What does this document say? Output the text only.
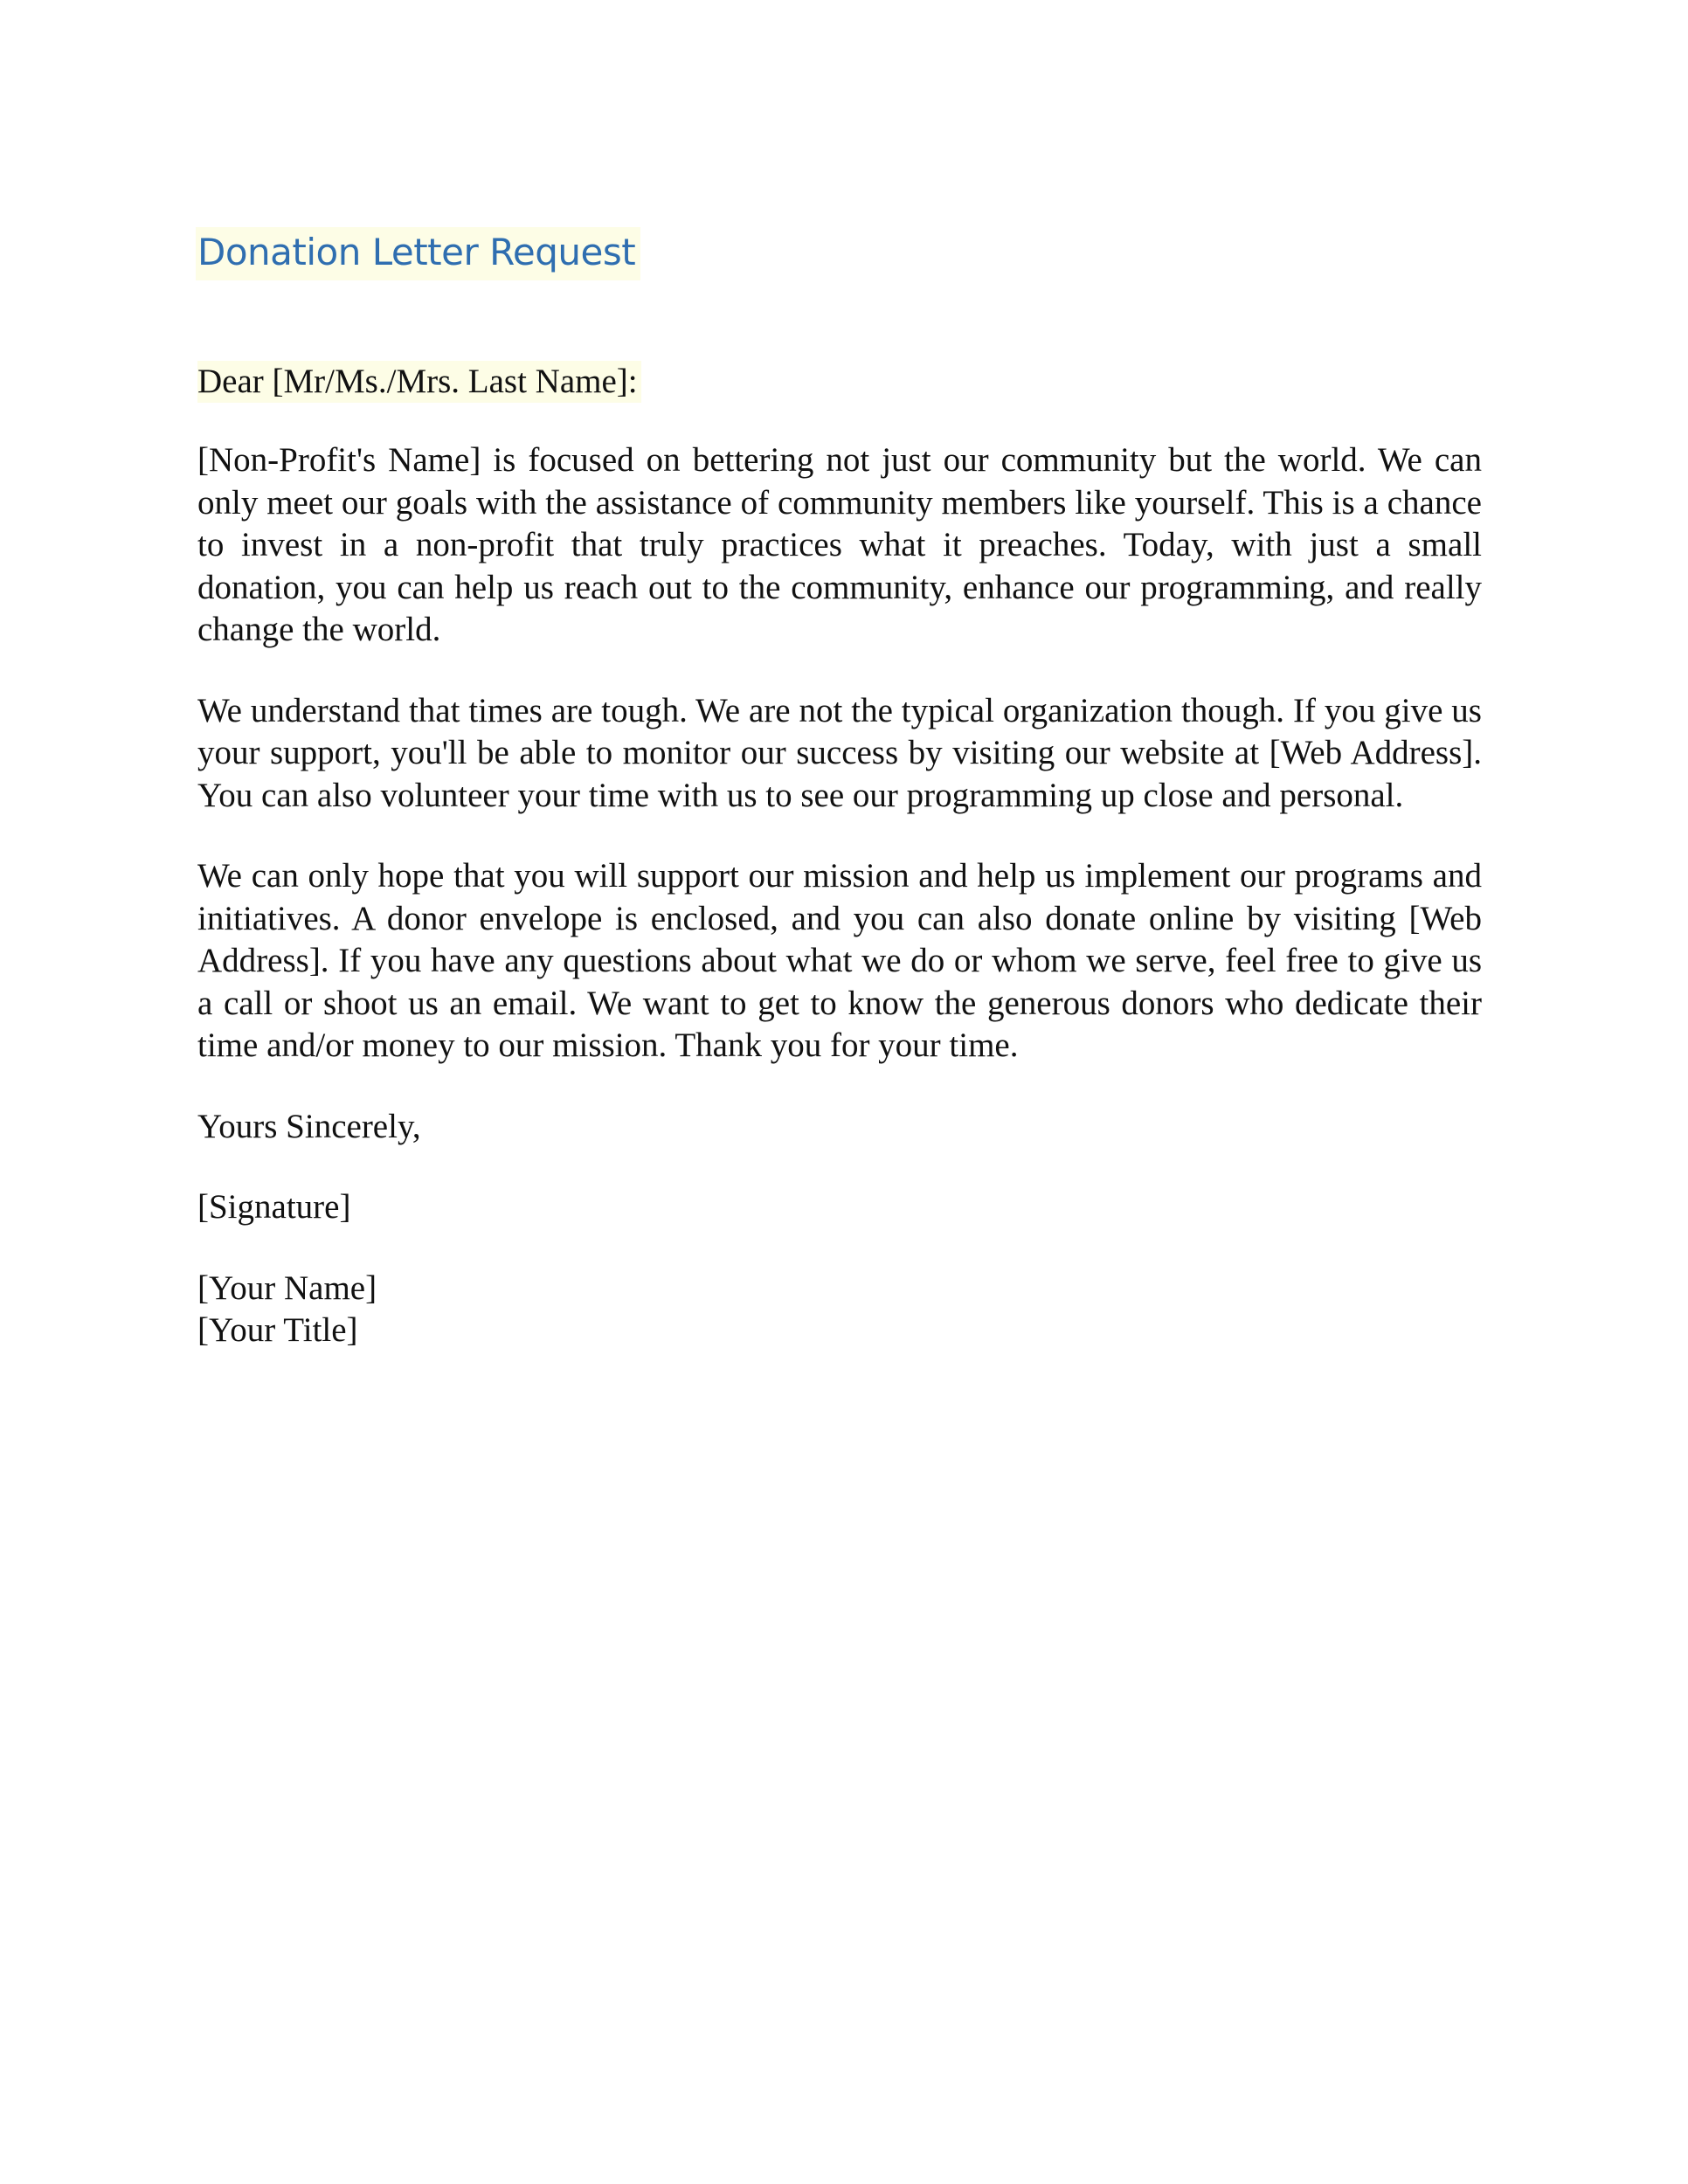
Donation Letter Request
Dear [Mr/Ms./Mrs. Last Name]:

[Non-Profit's Name] is focused on bettering not just our community but the world. We can only meet our goals with the assistance of community members like yourself. This is a chance to invest in a non-profit that truly practices what it preaches. Today, with just a small donation, you can help us reach out to the community, enhance our programming, and really change the world.

We understand that times are tough. We are not the typical organization though. If you give us your support, you'll be able to monitor our success by visiting our website at [Web Address]. You can also volunteer your time with us to see our programming up close and personal.

We can only hope that you will support our mission and help us implement our programs and initiatives. A donor envelope is enclosed, and you can also donate online by visiting [Web Address]. If you have any questions about what we do or whom we serve, feel free to give us a call or shoot us an email. We want to get to know the generous donors who dedicate their time and/or money to our mission. Thank you for your time.

Yours Sincerely,

[Signature]

[Your Name]

[Your Title]
